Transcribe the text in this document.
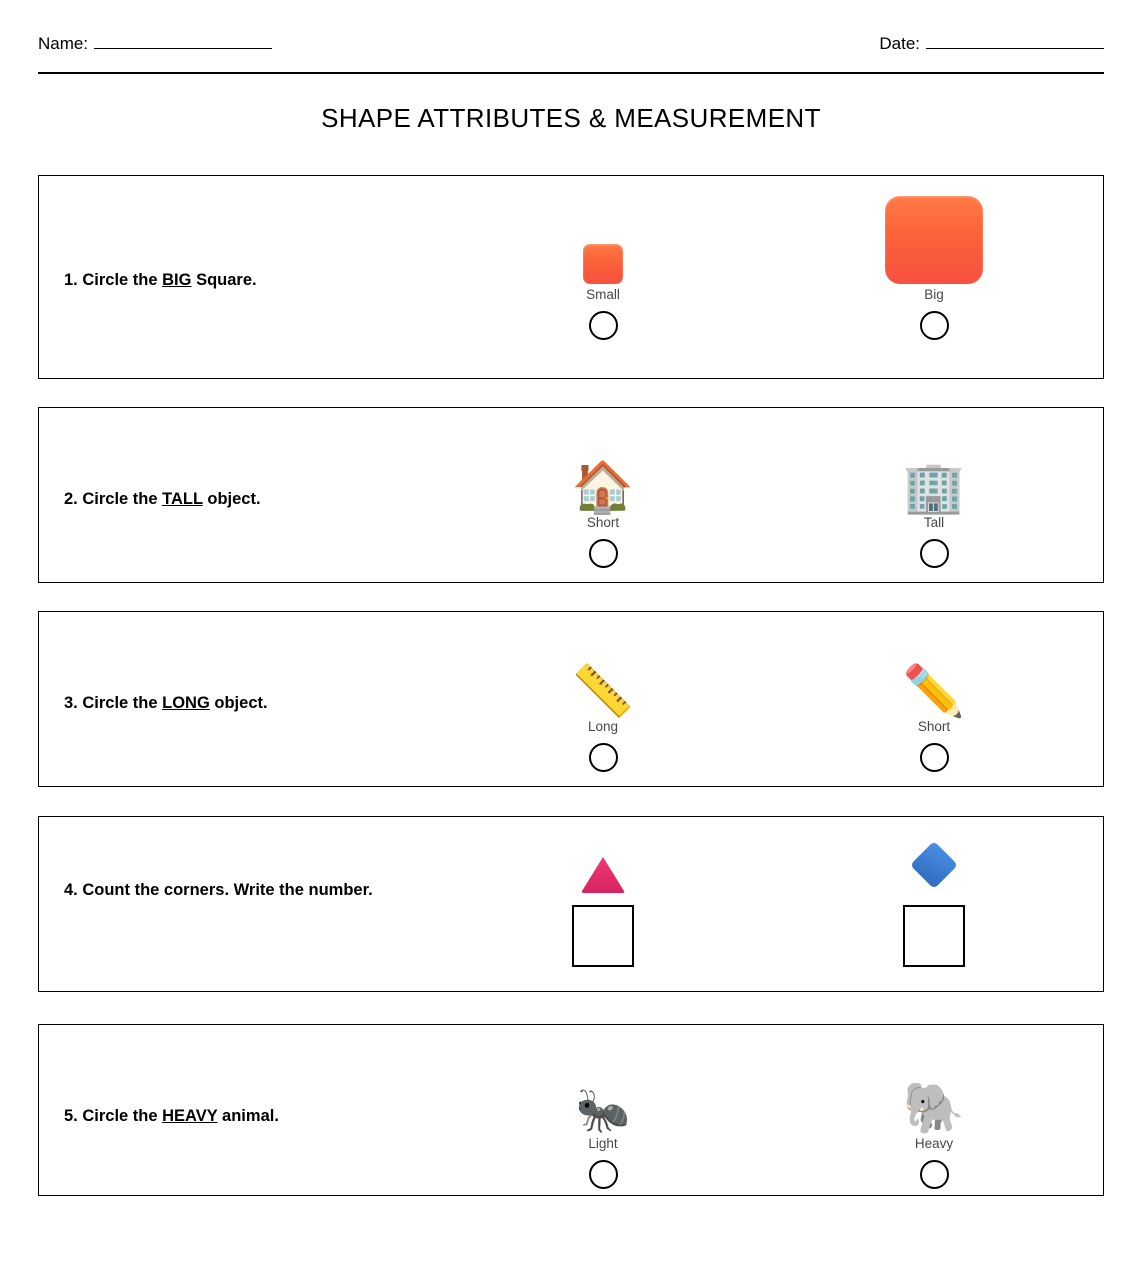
Name:	Date:
SHAPE ATTRIBUTES & MEASUREMENT
1. Circle the BIG Square.
Small	Big
2. Circle the TALL object.	🏠
Short
🏢
Tall
3. Circle the LONG object.	📏
Long
✏️
Short
4. Count the corners. Write the number.
5. Circle the HEAVY animal.	🐜
Light
🐘
Heavy
